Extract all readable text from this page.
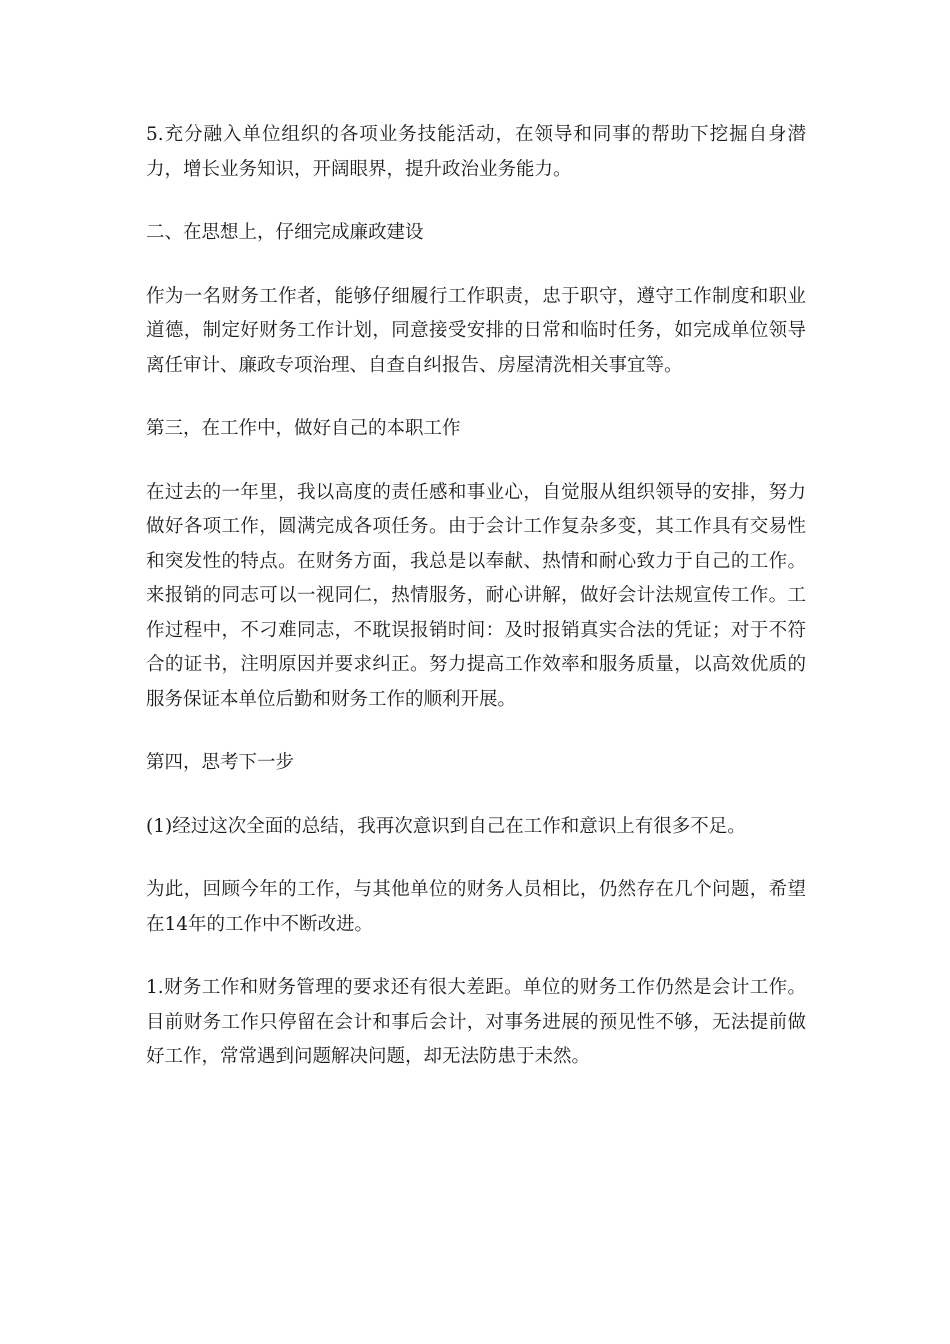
5.充分融入单位组织的各项业务技能活动，在领导和同事的帮助下挖掘自身潜力，增长业务知识，开阔眼界，提升政治业务能力。

二、在思想上，仔细完成廉政建设

作为一名财务工作者，能够仔细履行工作职责，忠于职守，遵守工作制度和职业道德，制定好财务工作计划，同意接受安排的日常和临时任务，如完成单位领导离任审计、廉政专项治理、自查自纠报告、房屋清洗相关事宜等。

第三，在工作中，做好自己的本职工作

在过去的一年里，我以高度的责任感和事业心，自觉服从组织领导的安排，努力做好各项工作，圆满完成各项任务。由于会计工作复杂多变，其工作具有交易性和突发性的特点。在财务方面，我总是以奉献、热情和耐心致力于自己的工作。来报销的同志可以一视同仁，热情服务，耐心讲解，做好会计法规宣传工作。工作过程中，不刁难同志，不耽误报销时间：及时报销真实合法的凭证；对于不符合的证书，注明原因并要求纠正。努力提高工作效率和服务质量，以高效优质的服务保证本单位后勤和财务工作的顺利开展。

第四，思考下一步

(1)经过这次全面的总结，我再次意识到自己在工作和意识上有很多不足。

为此，回顾今年的工作，与其他单位的财务人员相比，仍然存在几个问题，希望在14年的工作中不断改进。

1.财务工作和财务管理的要求还有很大差距。单位的财务工作仍然是会计工作。目前财务工作只停留在会计和事后会计，对事务进展的预见性不够，无法提前做好工作，常常遇到问题解决问题，却无法防患于未然。
